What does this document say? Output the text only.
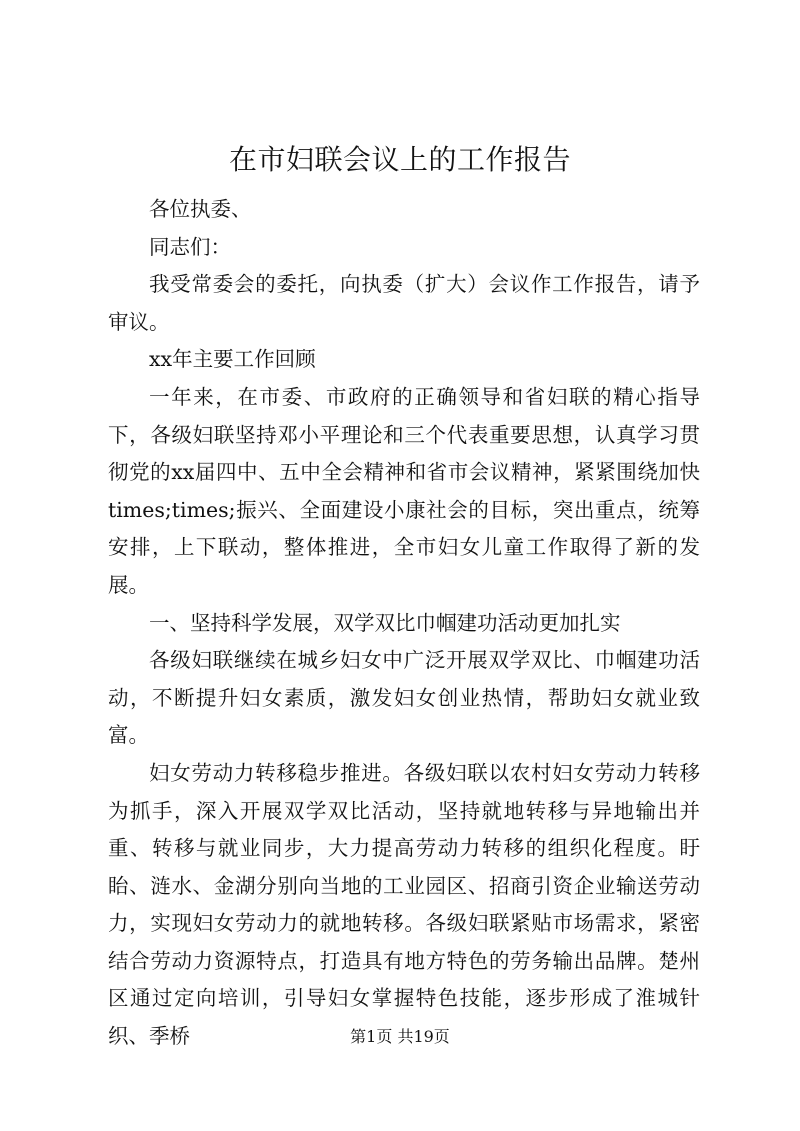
在市妇联会议上的工作报告

各位执委、

同志们：

我受常委会的委托，向执委（扩大）会议作工作报告，请予审议。

xx年主要工作回顾

一年来，在市委、市政府的正确领导和省妇联的精心指导下，各级妇联坚持邓小平理论和三个代表重要思想，认真学习贯彻党的xx届四中、五中全会精神和省市会议精神，紧紧围绕加快times;times;振兴、全面建设小康社会的目标，突出重点，统筹安排，上下联动，整体推进，全市妇女儿童工作取得了新的发展。

一、坚持科学发展，双学双比巾帼建功活动更加扎实

各级妇联继续在城乡妇女中广泛开展双学双比、巾帼建功活动，不断提升妇女素质，激发妇女创业热情，帮助妇女就业致富。

妇女劳动力转移稳步推进。各级妇联以农村妇女劳动力转移为抓手，深入开展双学双比活动，坚持就地转移与异地输出并重、转移与就业同步，大力提高劳动力转移的组织化程度。盱眙、涟水、金湖分别向当地的工业园区、招商引资企业输送劳动力，实现妇女劳动力的就地转移。各级妇联紧贴市场需求，紧密结合劳动力资源特点，打造具有地方特色的劳务输出品牌。楚州区通过定向培训，引导妇女掌握特色技能，逐步形成了淮城针织、季桥	第1页 共19页
